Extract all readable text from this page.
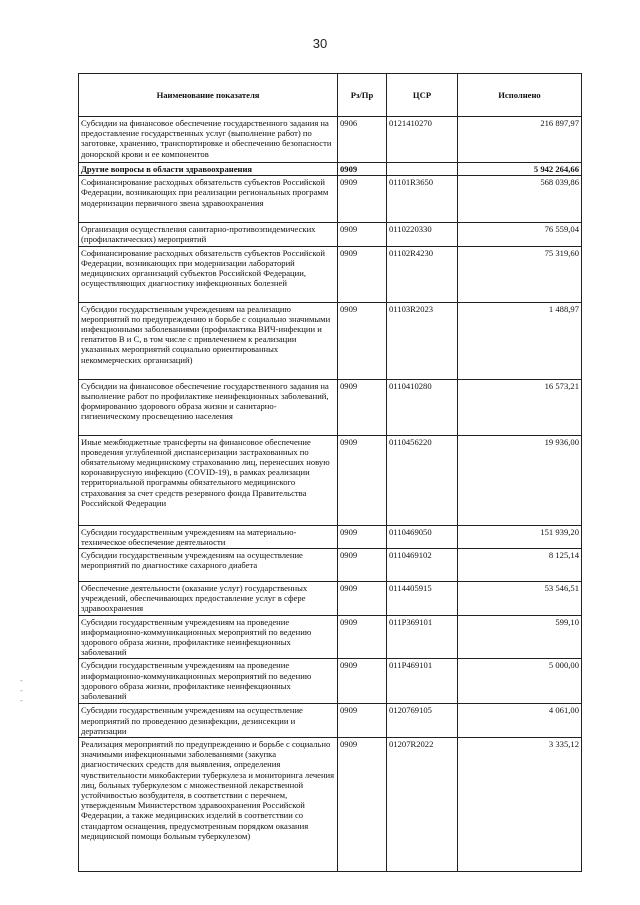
30
-
-
-
Наименование показателя	Рз/Пр	ЦСР	Исполнено
Субсидии на финансовое обеспечение государственного задания на предоставление государственных услуг (выполнение работ) по заготовке, хранению, транспортировке и обеспечению безопасности донорской крови и ее компонентов	0906	0121410270	216 897,97
Другие вопросы в области здравоохранения	0909		5 942 264,66
Софинансирование расходных обязательств субъектов Российской Федерации, возникающих при реализации региональных программ модернизации первичного звена здравоохранения	0909	01101R3650	568 039,86
Организация осуществления санитарно-противоэпидемических (профилактических) мероприятий	0909	0110220330	76 559,04
Софинансирование расходных обязательств субъектов Российской Федерации, возникающих при модернизации лабораторий медицинских организаций субъектов Российской Федерации, осуществляющих диагностику инфекционных болезней	0909	01102R4230	75 319,60
Субсидии государственным учреждениям на реализацию мероприятий по предупреждению и борьбе с социально значимыми инфекционными заболеваниями (профилактика ВИЧ-инфекции и гепатитов В и С, в том числе с привлечением к реализации указанных мероприятий социально ориентированных некоммерческих организаций)	0909	01103R2023	1 488,97
Субсидии на финансовое обеспечение государственного задания на выполнение работ по профилактике неинфекционных заболеваний, формированию здорового образа жизни и санитарно-гигиеническому просвещению населения	0909	0110410280	16 573,21
Иные межбюджетные трансферты на финансовое обеспечение проведения углубленной диспансеризации застрахованных по обязательному медицинскому страхованию лиц, перенесших новую коронавирусную инфекцию (COVID-19), в рамках реализации территориальной программы обязательного медицинского страхования за счет средств резервного фонда Правительства Российской Федерации	0909	0110456220	19 936,00
Субсидии государственным учреждениям на материально-техническое обеспечение деятельности	0909	0110469050	151 939,20
Субсидии государственным учреждениям на осуществление мероприятий по диагностике сахарного диабета	0909	0110469102	8 125,14
Обеспечение деятельности (оказание услуг) государственных учреждений, обеспечивающих предоставление услуг в сфере здравоохранения	0909	0114405915	53 546,51
Субсидии государственным учреждениям на проведение информационно-коммуникационных мероприятий по ведению здорового образа жизни, профилактике неинфекционных заболеваний	0909	011P369101	599,10
Субсидии государственным учреждениям на проведение информационно-коммуникационных мероприятий по ведению здорового образа жизни, профилактике неинфекционных заболеваний	0909	011P469101	5 000,00
Субсидии государственным учреждениям на осуществление мероприятий по проведению дезинфекции, дезинсекции и дератизации	0909	0120769105	4 061,00
Реализация мероприятий по предупреждению и борьбе с социально значимыми инфекционными заболеваниями (закупка диагностических средств для выявления, определения чувствительности микобактерии туберкулеза и мониторинга лечения лиц, больных туберкулезом с множественной лекарственной устойчивостью возбудителя, в соответствии с перечнем, утвержденным Министерством здравоохранения Российской Федерации, а также медицинских изделий в соответствии со стандартом оснащения, предусмотренным порядком оказания медицинской помощи больным туберкулезом)	0909	01207R2022	3 335,12
